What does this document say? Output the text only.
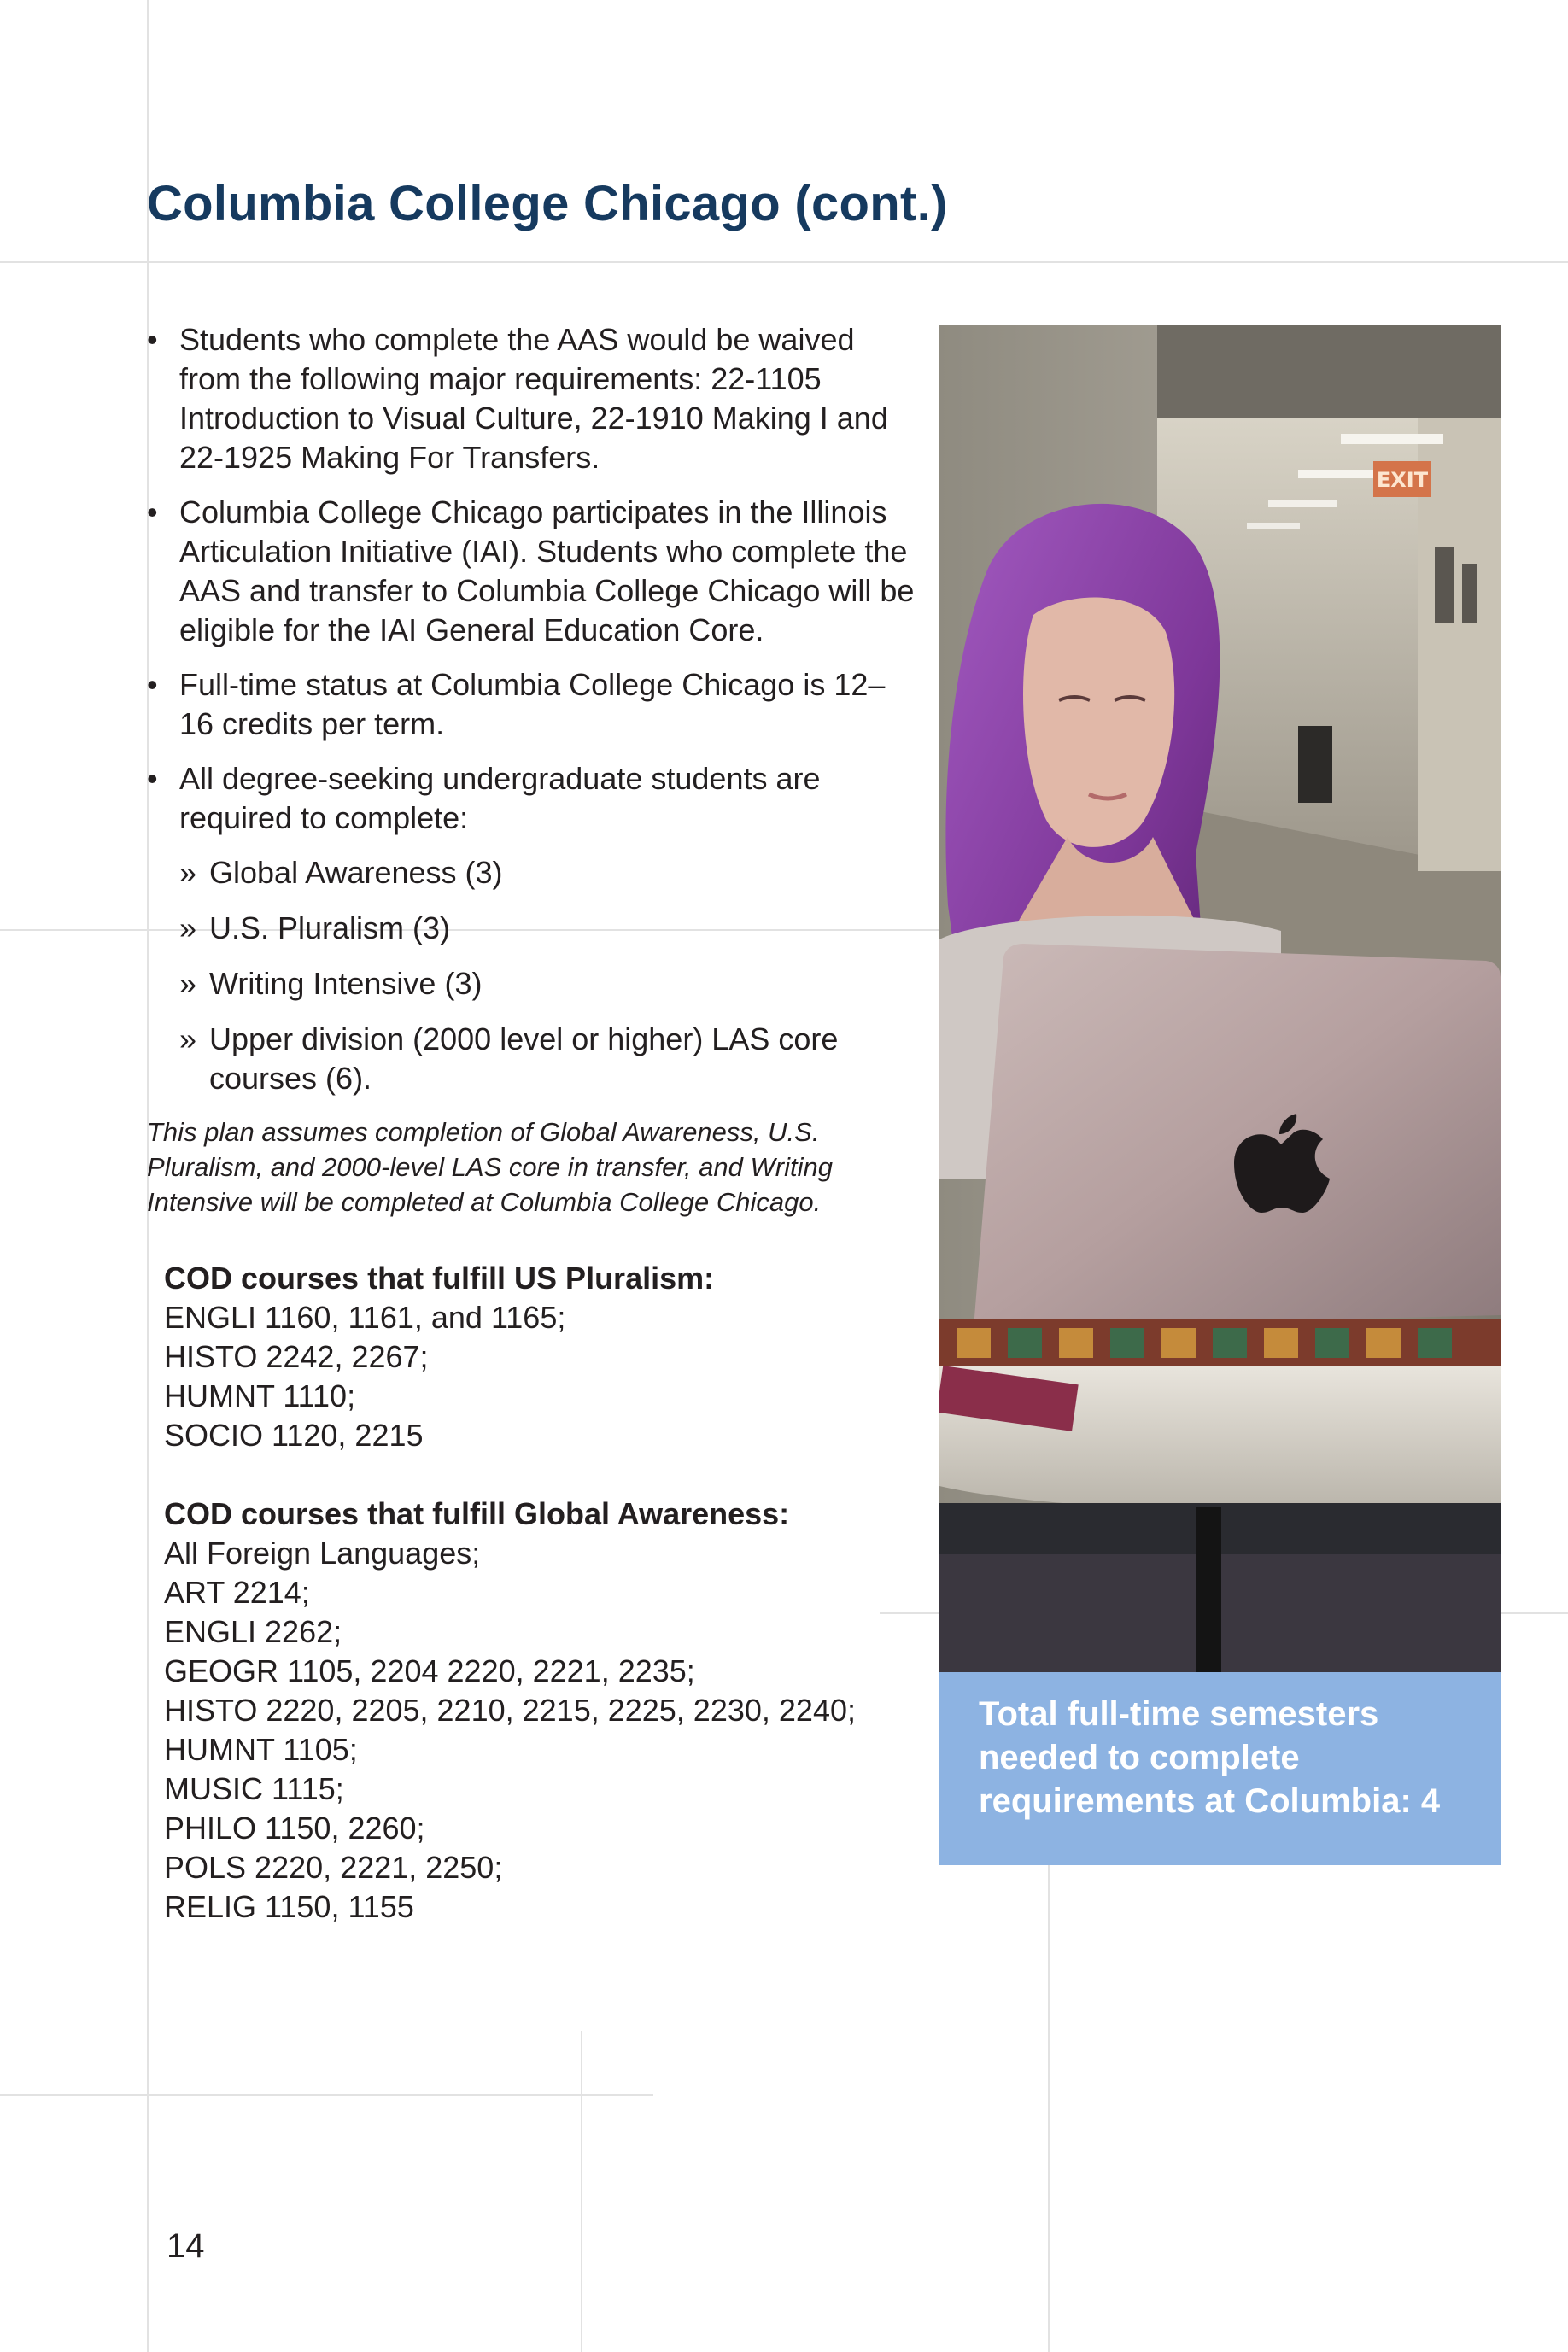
Columbia College Chicago (cont.)
• Students who complete the AAS would be waived from the following major requirements: 22-1105 Introduction to Visual Culture, 22-1910 Making I and 22-1925 Making For Transfers.
• Columbia College Chicago participates in the Illinois Articulation Initiative (IAI). Students who complete the AAS and transfer to Columbia College Chicago will be eligible for the IAI General Education Core.
• Full-time status at Columbia College Chicago is 12–16 credits per term.
• All degree-seeking undergraduate students are required to complete:
» Global Awareness (3)
» U.S. Pluralism (3)
» Writing Intensive (3)
» Upper division (2000 level or higher) LAS core courses (6).

This plan assumes completion of Global Awareness, U.S. Pluralism, and 2000-level LAS core in transfer, and Writing Intensive will be completed at Columbia College Chicago.

COD courses that fulfill US Pluralism:
ENGLI 1160, 1161, and 1165;
HISTO 2242, 2267;
HUMNT 1110;
SOCIO 1120, 2215
COD courses that fulfill Global Awareness:
All Foreign Languages;
ART 2214;
ENGLI 2262;
GEOGR 1105, 2204 2220, 2221, 2235;
HISTO 2220, 2205, 2210, 2215, 2225, 2230, 2240;
HUMNT 1105;
MUSIC 1115;
PHILO 1150, 2260;
POLS 2220, 2221, 2250;
RELIG 1150, 1155
EXIT
Total full-time semesters needed to complete requirements at Columbia: 4
14
